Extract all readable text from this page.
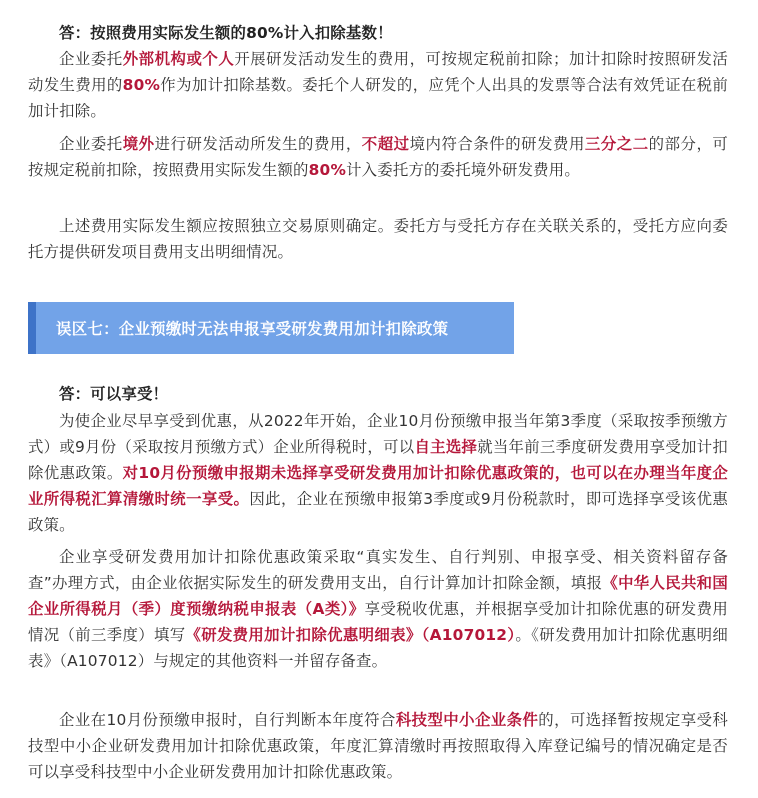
答：按照费用实际发生额的80%计入扣除基数！

企业委托外部机构或个人开展研发活动发生的费用，可按规定税前扣除；加计扣除时按照研发活动发生费用的80%作为加计扣除基数。委托个人研发的，应凭个人出具的发票等合法有效凭证在税前加计扣除。

企业委托境外进行研发活动所发生的费用，不超过境内符合条件的研发费用三分之二的部分，可按规定税前扣除，按照费用实际发生额的80%计入委托方的委托境外研发费用。

上述费用实际发生额应按照独立交易原则确定。委托方与受托方存在关联关系的，受托方应向委托方提供研发项目费用支出明细情况。

误区七：企业预缴时无法申报享受研发费用加计扣除政策

答：可以享受！

为使企业尽早享受到优惠，从2022年开始，企业10月份预缴申报当年第3季度（采取按季预缴方式）或9月份（采取按月预缴方式）企业所得税时，可以自主选择就当年前三季度研发费用享受加计扣除优惠政策。对10月份预缴申报期未选择享受研发费用加计扣除优惠政策的，也可以在办理当年度企业所得税汇算清缴时统一享受。因此，企业在预缴申报第3季度或9月份税款时，即可选择享受该优惠政策。

企业享受研发费用加计扣除优惠政策采取“真实发生、自行判别、申报享受、相关资料留存备查”办理方式，由企业依据实际发生的研发费用支出，自行计算加计扣除金额，填报《中华人民共和国企业所得税月（季）度预缴纳税申报表（A类）》享受税收优惠，并根据享受加计扣除优惠的研发费用情况（前三季度）填写《研发费用加计扣除优惠明细表》（A107012）。《研发费用加计扣除优惠明细表》（A107012）与规定的其他资料一并留存备查。

企业在10月份预缴申报时，自行判断本年度符合科技型中小企业条件的，可选择暂按规定享受科技型中小企业研发费用加计扣除优惠政策，年度汇算清缴时再按照取得入库登记编号的情况确定是否可以享受科技型中小企业研发费用加计扣除优惠政策。
